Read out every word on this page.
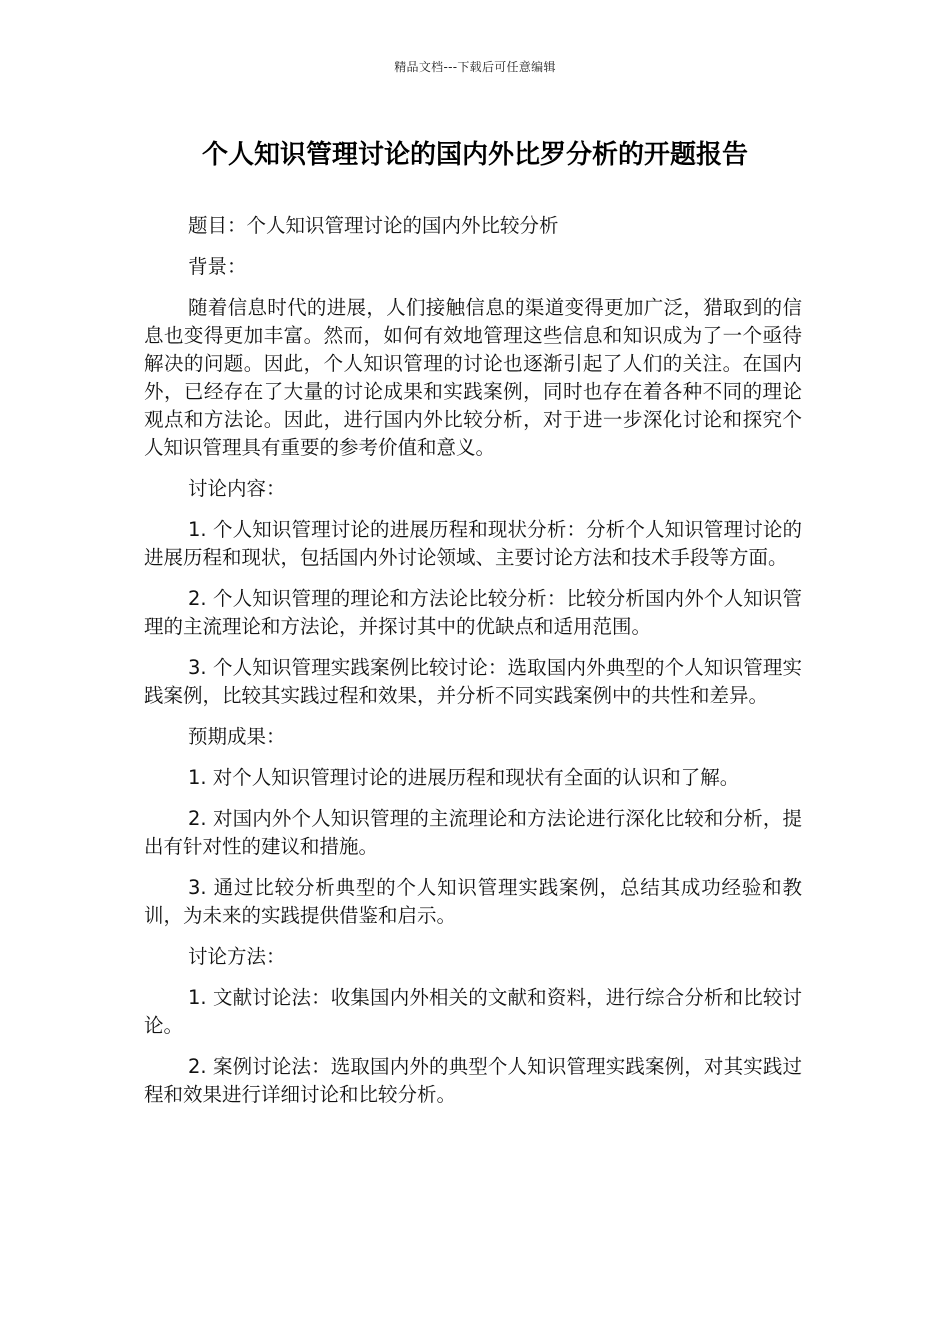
精品文档---下载后可任意编辑
个人知识管理讨论的国内外比罗分析的开题报告

题目：个人知识管理讨论的国内外比较分析

背景：

随着信息时代的进展，人们接触信息的渠道变得更加广泛，猎取到的信息也变得更加丰富。然而，如何有效地管理这些信息和知识成为了一个亟待解决的问题。因此，个人知识管理的讨论也逐渐引起了人们的关注。在国内外，已经存在了大量的讨论成果和实践案例，同时也存在着各种不同的理论观点和方法论。因此，进行国内外比较分析，对于进一步深化讨论和探究个人知识管理具有重要的参考价值和意义。

讨论内容：

1. 个人知识管理讨论的进展历程和现状分析：分析个人知识管理讨论的进展历程和现状，包括国内外讨论领域、主要讨论方法和技术手段等方面。

2. 个人知识管理的理论和方法论比较分析：比较分析国内外个人知识管理的主流理论和方法论，并探讨其中的优缺点和适用范围。

3. 个人知识管理实践案例比较讨论：选取国内外典型的个人知识管理实践案例，比较其实践过程和效果，并分析不同实践案例中的共性和差异。

预期成果：

1. 对个人知识管理讨论的进展历程和现状有全面的认识和了解。

2. 对国内外个人知识管理的主流理论和方法论进行深化比较和分析，提出有针对性的建议和措施。

3. 通过比较分析典型的个人知识管理实践案例，总结其成功经验和教训，为未来的实践提供借鉴和启示。

讨论方法：

1. 文献讨论法：收集国内外相关的文献和资料，进行综合分析和比较讨论。

2. 案例讨论法：选取国内外的典型个人知识管理实践案例，对其实践过程和效果进行详细讨论和比较分析。
